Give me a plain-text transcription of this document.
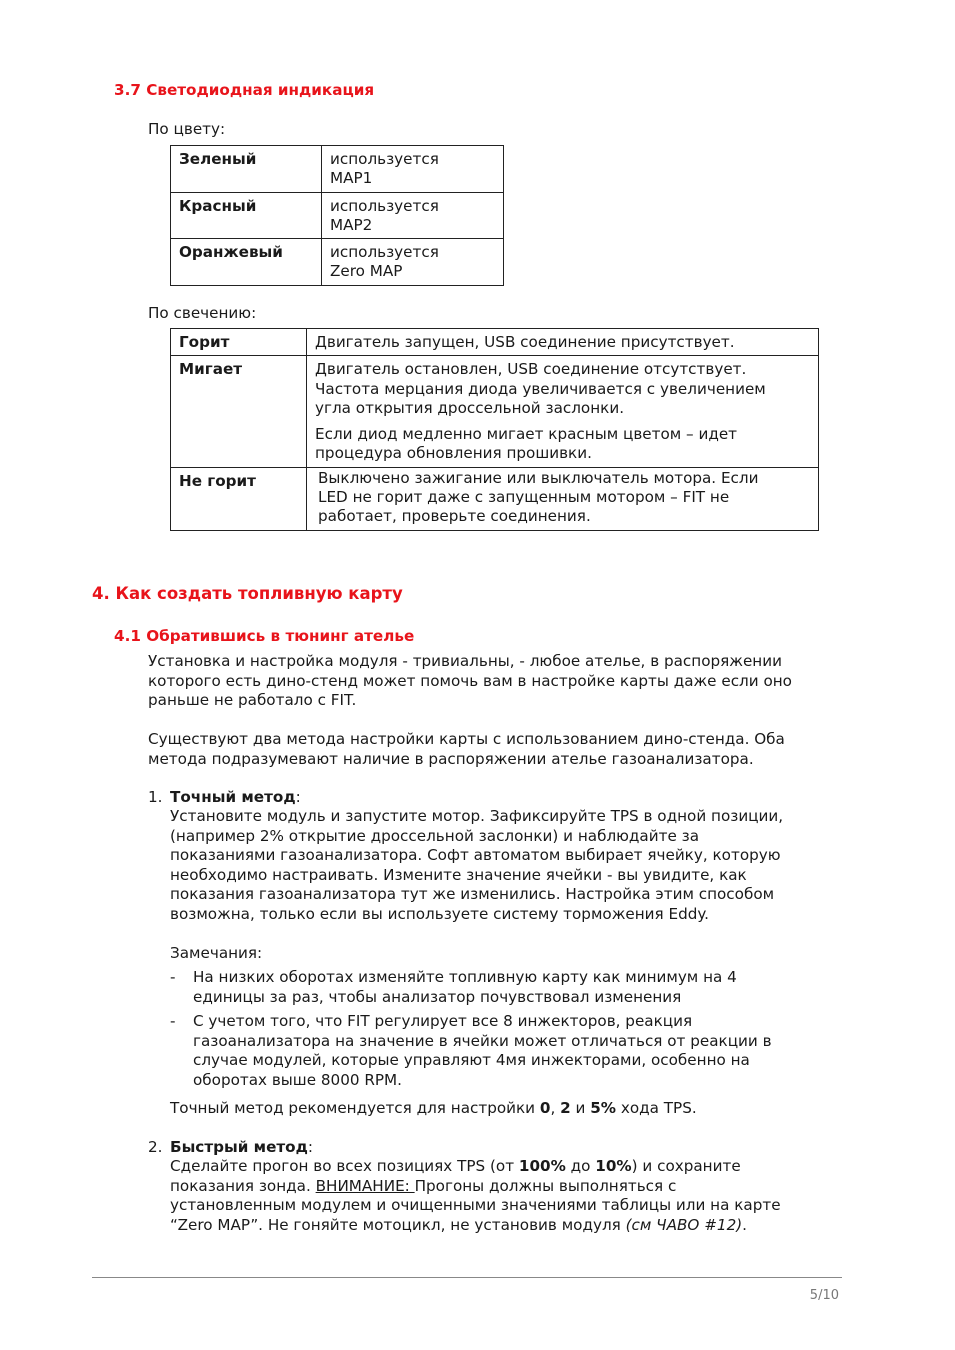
3.7 Светодиодная индикация
По цвету:
Зеленый	используется
MAP1

Красный	используется
MAP2

Оранжевый	используется
Zero MAP
По свечению:
Горит	Двигатель запущен, USB соединение присутствует.

Мигает	Двигатель остановлен, USB соединение отсутствует.
Частота мерцания диода увеличивается с увеличением
угла открытия дроссельной заслонки.
Если диод медленно мигает красным цветом – идет
процедура обновления прошивки.

Не горит	Выключено зажигание или выключатель мотора. Если
LED не горит даже с запущенным мотором – FIT не
работает, проверьте соединения.
4. Как создать топливную карту
4.1 Обратившись в тюнинг ателье
Установка и настройка модуля - тривиальны, - любое ателье, в распоряжении
которого есть дино-стенд может помочь вам в настройке карты даже если оно
раньше не работало с FIT.
Существуют два метода настройки карты с использованием дино-стенда. Оба
метода подразумевают наличие в распоряжении ателье газоанализатора.
1. Точный метод:
Установите модуль и запустите мотор. Зафиксируйте TPS в одной позиции,
(например 2% открытие дроссельной заслонки) и наблюдайте за
показаниями газоанализатора. Софт автоматом выбирает ячейку, которую
необходимо настраивать. Измените значение ячейки - вы увидите, как
показания газоанализатора тут же изменились. Настройка этим способом
возможна, только если вы используете систему торможения Eddy.
Замечания:
- На низких оборотах изменяйте топливную карту как минимум на 4
единицы за раз, чтобы анализатор почувствовал изменения
- С учетом того, что FIT регулирует все 8 инжекторов, реакция
газоанализатора на значение в ячейки может отличаться от реакции в
случае модулей, которые управляют 4мя инжекторами, особенно на
оборотах выше 8000 RPM.
Точный метод рекомендуется для настройки 0, 2 и 5% хода TPS.
2. Быстрый метод:
Сделайте прогон во всех позициях TPS (от 100% до 10%) и сохраните
показания зонда. ВНИМАНИЕ: Прогоны должны выполняться с
установленным модулем и очищенными значениями таблицы или на карте
“Zero MAP”. Не гоняйте мотоцикл, не установив модуля (см ЧАВО #12).
5/10
